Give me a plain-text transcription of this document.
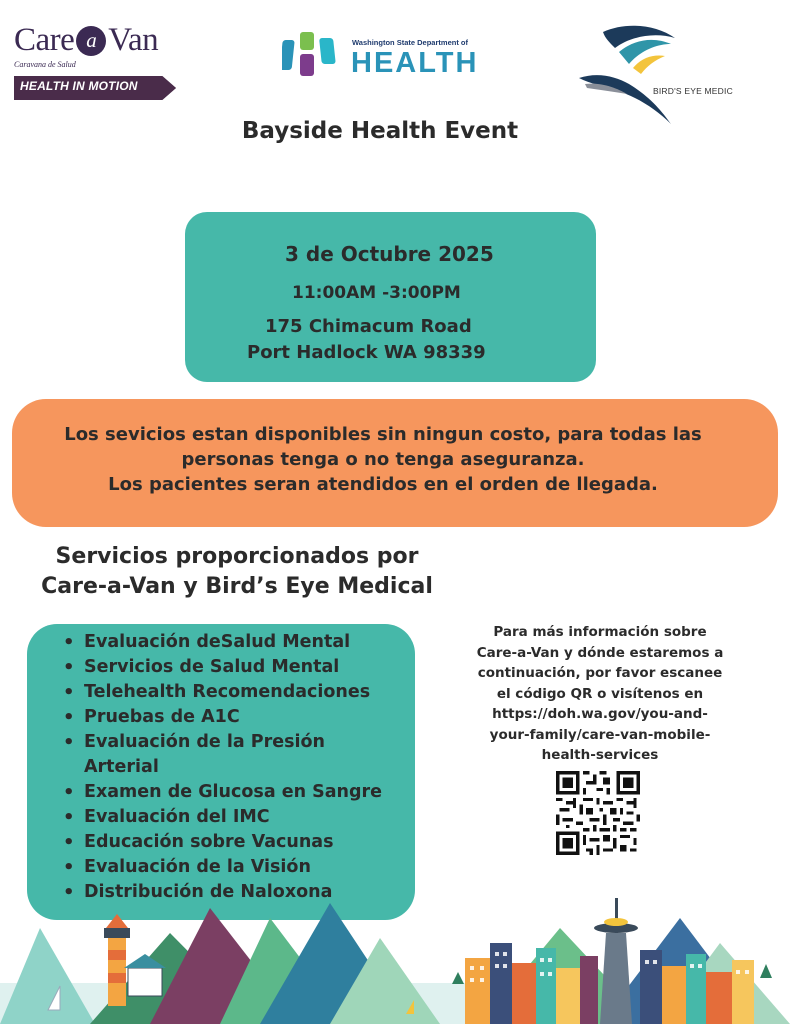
Care a Van
Caravana de Salud
HEALTH IN MOTION
Washington State Department of
HEALTH
BIRD'S EYE MEDIC
Bayside Health Event
3 de Octubre 2025
11:00AM -3:00PM
175 Chimacum Road
Port Hadlock WA 98339
Los sevicios estan disponibles sin ningun costo, para todas las
personas tenga o no tenga aseguranza.
Los pacientes seran atendidos en el orden de llegada.
Servicios proporcionados por
Care-a-Van y Bird’s Eye Medical
• Evaluación deSalud Mental
• Servicios de Salud Mental
• Telehealth Recomendaciones
• Pruebas de A1C
• Evaluación de la Presión Arterial
• Examen de Glucosa en Sangre
• Evaluación del IMC
• Educación sobre Vacunas
• Evaluación de la Visión
• Distribución de Naloxona
Para más información sobre
Care-a-Van y dónde estaremos a
continuación, por favor escanee
el código QR o visítenos en
https://doh.wa.gov/you-and-
your-family/care-van-mobile-
health-services
